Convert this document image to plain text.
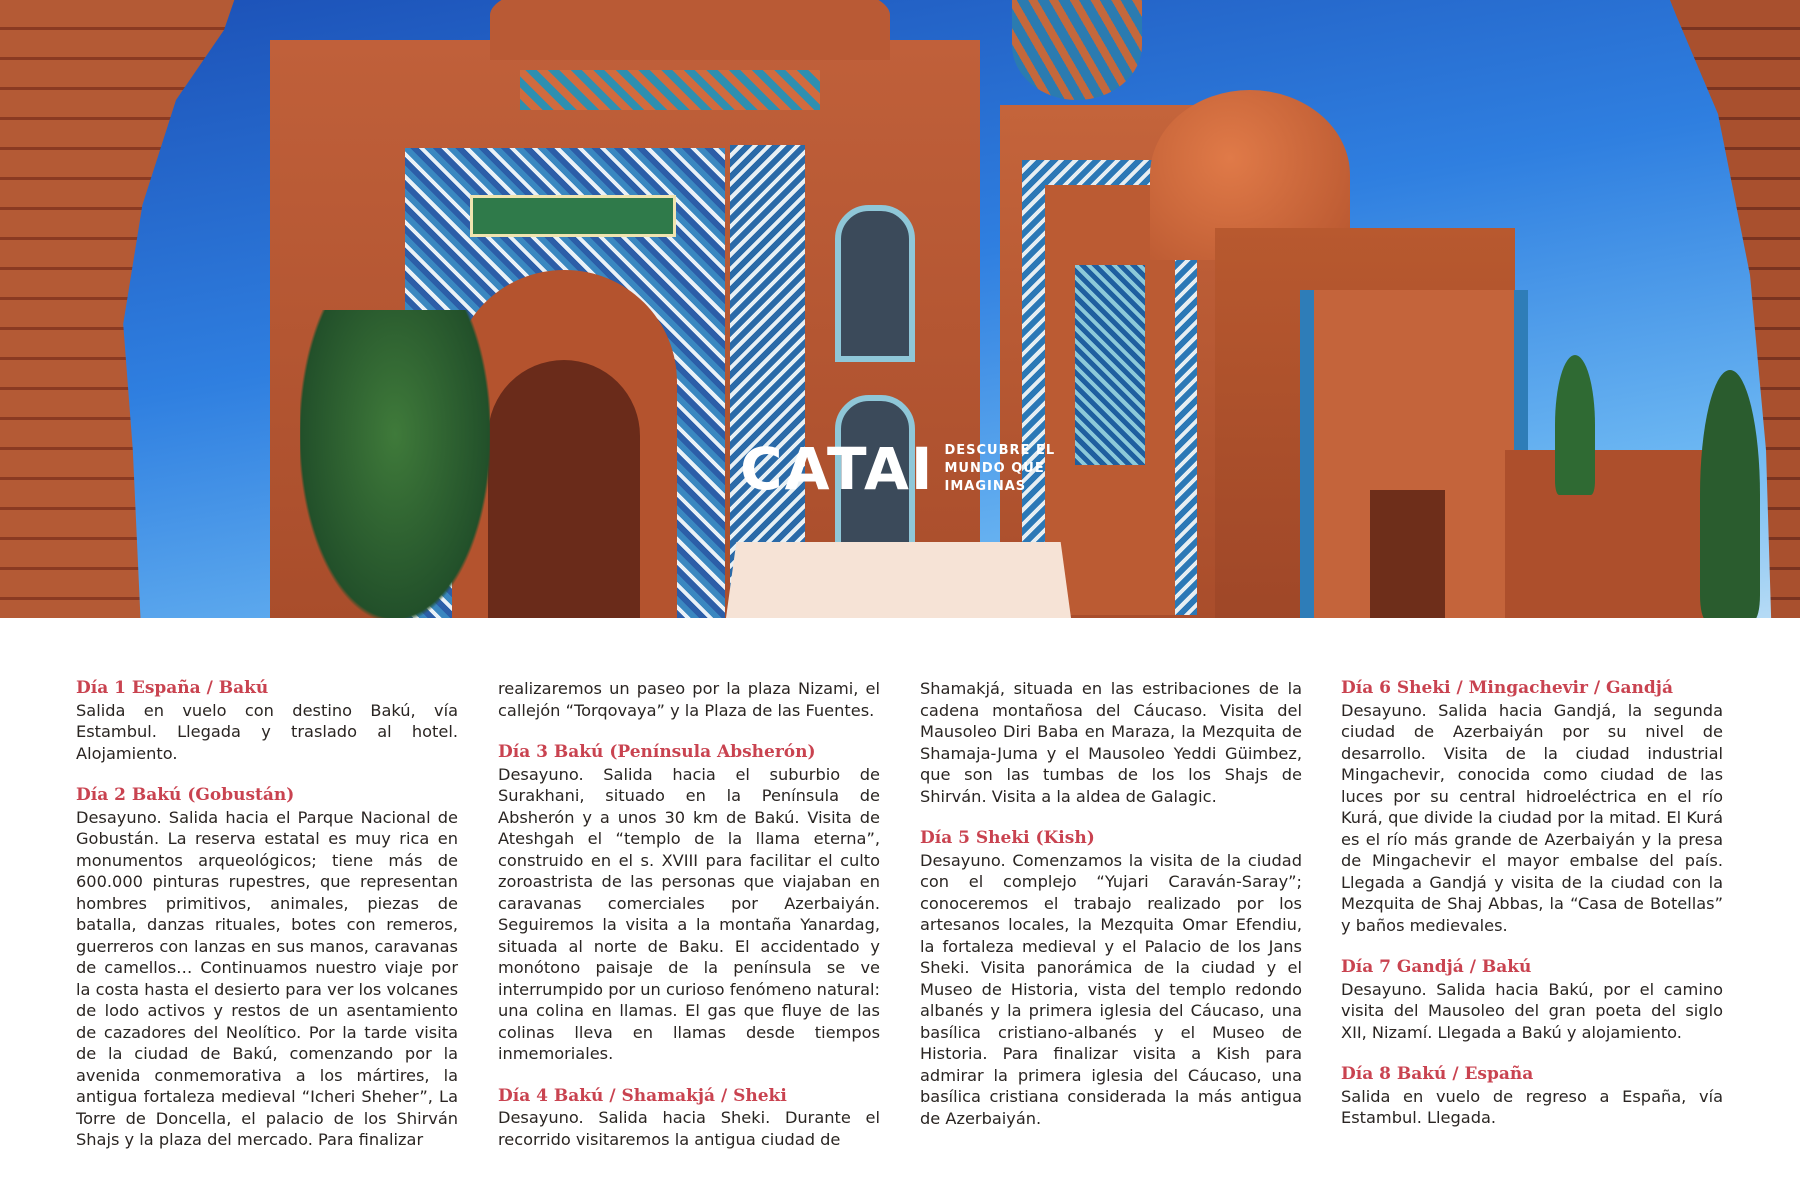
CATAI DESCUBRE EL
MUNDO QUE
IMAGINAS
Día 1 España / Bakú
Salida en vuelo con destino Bakú, vía Estambul. Llegada y traslado al hotel. Alojamiento.
Día 2 Bakú (Gobustán)
Desayuno. Salida hacia el Parque Nacional de Gobustán. La reserva estatal es muy rica en monumentos arqueológicos; tiene más de 600.000 pinturas rupestres, que representan hombres primitivos, animales, piezas de batalla, danzas rituales, botes con remeros, guerreros con lanzas en sus manos, caravanas de camellos… Continuamos nuestro viaje por la costa hasta el desierto para ver los volcanes de lodo activos y restos de un asentamiento de cazadores del Neolítico. Por la tarde visita de la ciudad de Bakú, comenzando por la avenida conmemorativa a los mártires, la antigua fortaleza medieval “Icheri Sheher”, La Torre de Doncella, el palacio de los Shirván Shajs y la plaza del mercado. Para finalizar
realizaremos un paseo por la plaza Nizami, el callejón “Torqovaya” y la Plaza de las Fuentes.
Día 3 Bakú (Península Absherón)
Desayuno. Salida hacia el suburbio de Surakhani, situado en la Península de Absherón y a unos 30 km de Bakú. Visita de Ateshgah el “templo de la llama eterna”, construido en el s. XVIII para facilitar el culto zoroastrista de las personas que viajaban en caravanas comerciales por Azerbaiyán. Seguiremos la visita a la montaña Yanardag, situada al norte de Baku. El accidentado y monótono paisaje de la península se ve interrumpido por un curioso fenómeno natural: una colina en llamas. El gas que fluye de las colinas lleva en llamas desde tiempos inmemoriales.
Día 4 Bakú / Shamakjá / Sheki
Desayuno. Salida hacia Sheki. Durante el recorrido visitaremos la antigua ciudad de
Shamakjá, situada en las estribaciones de la cadena montañosa del Cáucaso. Visita del Mausoleo Diri Baba en Maraza, la Mezquita de Shamaja-Juma y el Mausoleo Yeddi Güimbez, que son las tumbas de los los Shajs de Shirván. Visita a la aldea de Galagic.
Día 5 Sheki (Kish)
Desayuno. Comenzamos la visita de la ciudad con el complejo “Yujari Caraván-Saray”; conoceremos el trabajo realizado por los artesanos locales, la Mezquita Omar Efendiu, la fortaleza medieval y el Palacio de los Jans Sheki. Visita panorámica de la ciudad y el Museo de Historia, vista del templo redondo albanés y la primera iglesia del Cáucaso, una basílica cristiano-albanés y el Museo de Historia. Para finalizar visita a Kish para admirar la primera iglesia del Cáucaso, una basílica cristiana considerada la más antigua de Azerbaiyán.
Día 6 Sheki / Mingachevir / Gandjá
Desayuno. Salida hacia Gandjá, la segunda ciudad de Azerbaiyán por su nivel de desarrollo. Visita de la ciudad industrial Mingachevir, conocida como ciudad de las luces por su central hidroeléctrica en el río Kurá, que divide la ciudad por la mitad. El Kurá es el río más grande de Azerbaiyán y la presa de Mingachevir el mayor embalse del país. Llegada a Gandjá y visita de la ciudad con la Mezquita de Shaj Abbas, la “Casa de Botellas” y baños medievales.
Día 7 Gandjá / Bakú
Desayuno. Salida hacia Bakú, por el camino visita del Mausoleo del gran poeta del siglo XII, Nizamí. Llegada a Bakú y alojamiento.
Día 8 Bakú / España
Salida en vuelo de regreso a España, vía Estambul. Llegada.
